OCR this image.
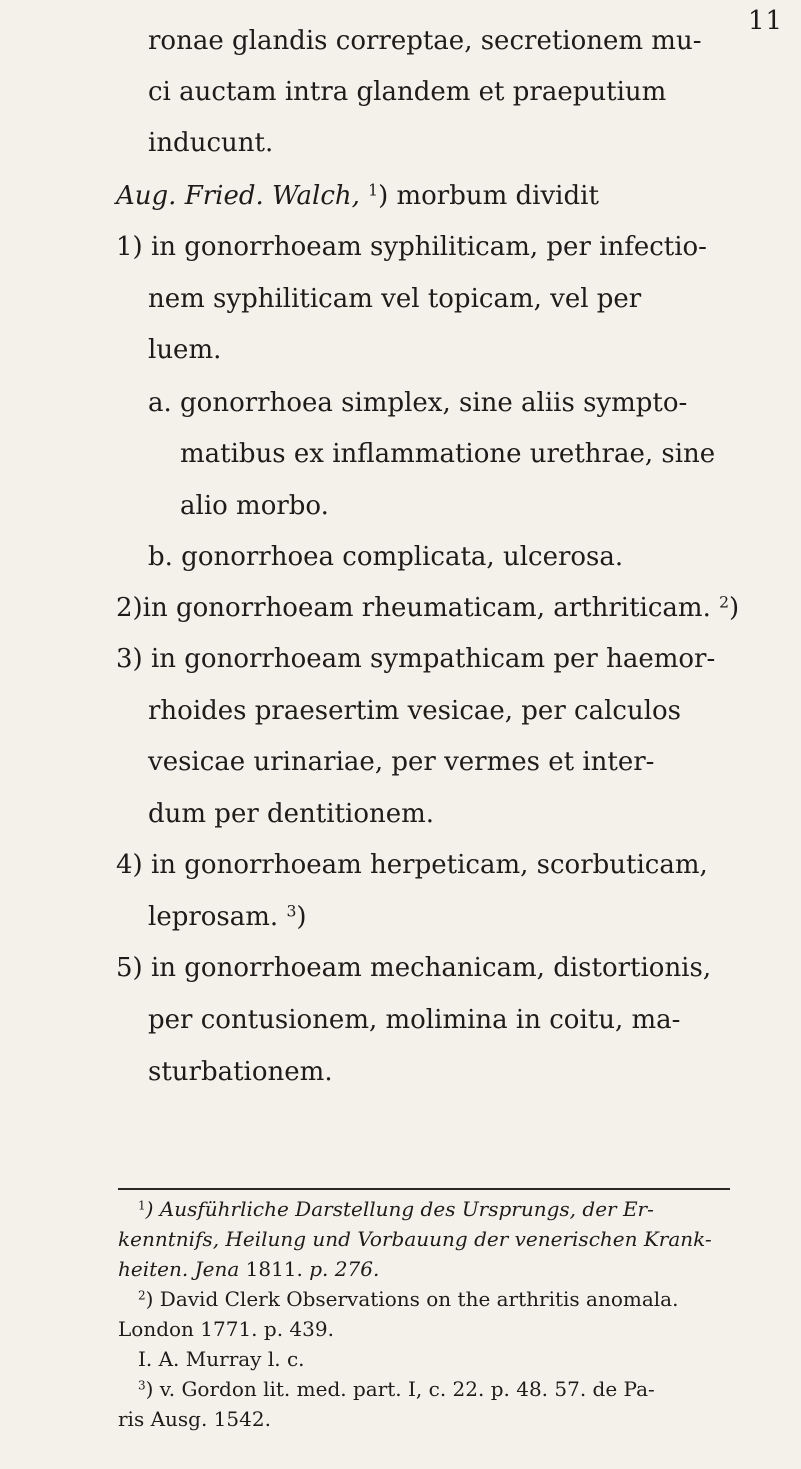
11
ronae glandis correptae, secretionem mu-
ci auctam intra glandem et praeputium
inducunt.
Aug. Fried. Walch, $^1$) morbum dividit
1) in gonorrhoeam syphiliticam, per infectio-
nem syphiliticam vel topicam, vel per
luem.
a. gonorrhoea simplex, sine aliis sympto-
matibus ex inflammatione urethrae, sine
alio morbo.
b. gonorrhoea complicata, ulcerosa.
2)in gonorrhoeam rheumaticam, arthriticam. $^2$)
3) in gonorrhoeam sympathicam per haemor-
rhoides praesertim vesicae, per calculos
vesicae urinariae, per vermes et inter-
dum per dentitionem.
4) in gonorrhoeam herpeticam, scorbuticam,
leprosam. $^3$)
5) in gonorrhoeam mechanicam, distortionis,
per contusionem, molimina in coitu, ma-
sturbationem.
$^1$) Ausführliche Darstellung des Ursprungs, der Er-
kenntnifs, Heilung und Vorbauung der venerischen Krank-
heiten. Jena 1811. p. 276.
$^2$) David Clerk Observations on the arthritis anomala.
London 1771. p. 439.
I. A. Murray l. c.
$^3$) v. Gordon lit. med. part. I, c. 22. p. 48. 57. de Pa-
ris Ausg. 1542.
